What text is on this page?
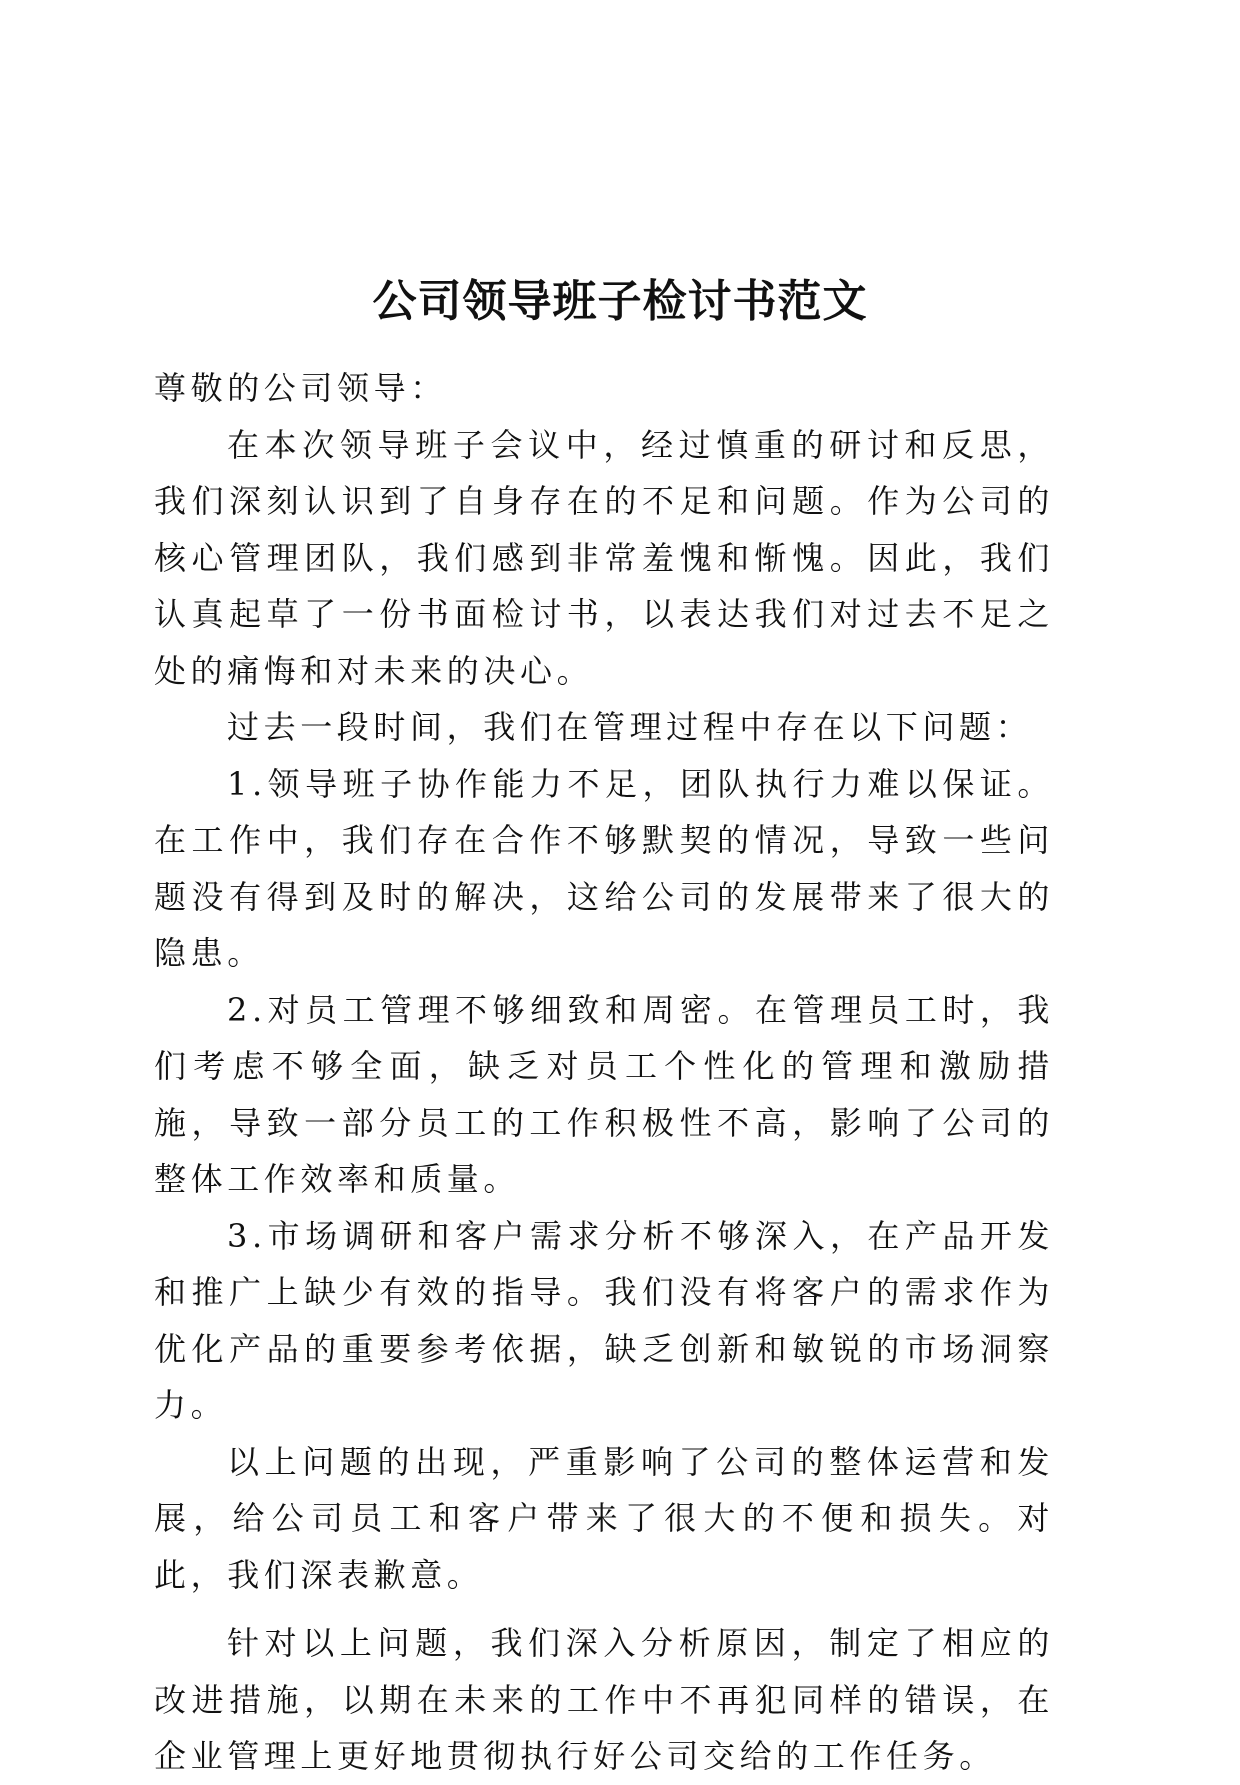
公司领导班子检讨书范文

尊敬的公司领导：

在本次领导班子会议中，经过慎重的研讨和反思，我们深刻认识到了自身存在的不足和问题。作为公司的核心管理团队，我们感到非常羞愧和惭愧。因此，我们认真起草了一份书面检讨书，以表达我们对过去不足之处的痛悔和对未来的决心。

过去一段时间，我们在管理过程中存在以下问题：

1.领导班子协作能力不足，团队执行力难以保证。在工作中，我们存在合作不够默契的情况，导致一些问题没有得到及时的解决，这给公司的发展带来了很大的隐患。

2.对员工管理不够细致和周密。在管理员工时，我们考虑不够全面，缺乏对员工个性化的管理和激励措施，导致一部分员工的工作积极性不高，影响了公司的整体工作效率和质量。

3.市场调研和客户需求分析不够深入，在产品开发和推广上缺少有效的指导。我们没有将客户的需求作为优化产品的重要参考依据，缺乏创新和敏锐的市场洞察力。

以上问题的出现，严重影响了公司的整体运营和发展，给公司员工和客户带来了很大的不便和损失。对此，我们深表歉意。

针对以上问题，我们深入分析原因，制定了相应的改进措施，以期在未来的工作中不再犯同样的错误，在企业管理上更好地贯彻执行好公司交给的工作任务。
